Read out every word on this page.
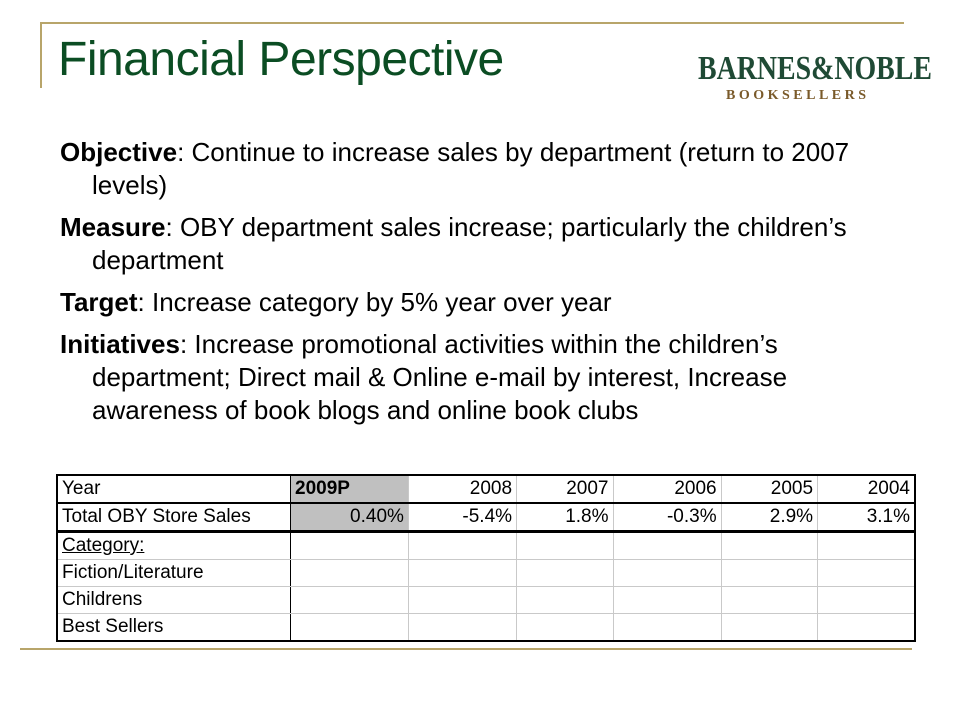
Financial Perspective	BARNES&NOBLE
BOOKSELLERS

Objective: Continue to increase sales by department (return to 2007 levels)

Measure: OBY department sales increase; particularly the children’s department

Target: Increase category by 5% year over year

Initiatives: Increase promotional activities within the children’s department; Direct mail & Online e-mail by interest, Increase awareness of book blogs and online book clubs

Year	2009P	2008	2007	2006	2005	2004
Total OBY Store Sales	0.40%	-5.4%	1.8%	-0.3%	2.9%	3.1%
Category:						
Fiction/Literature						
Childrens						
Best Sellers						
